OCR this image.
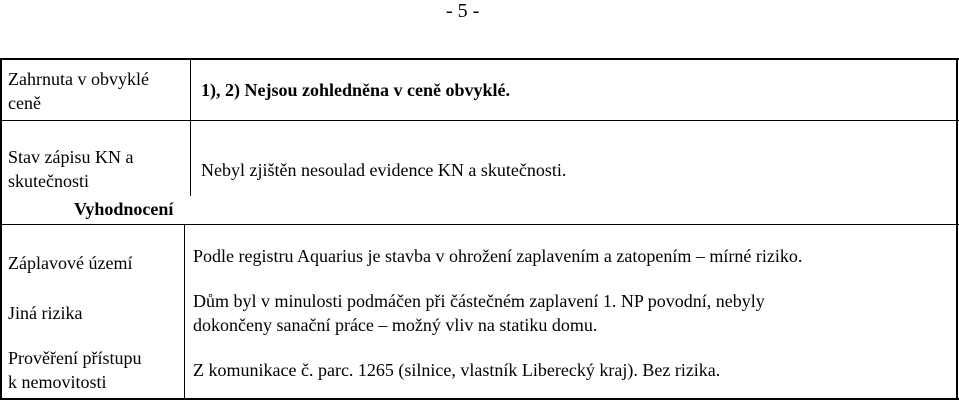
- 5 -
Zahrnuta v obvyklé
ceně
1), 2) Nejsou zohledněna v ceně obvyklé.
Stav zápisu KN a
skutečnosti
Nebyl zjištěn nesoulad evidence KN a skutečnosti.
Vyhodnocení
Záplavové území	Podle registru Aquarius je stavba v ohrožení zaplavením a zatopením – mírné riziko.
Jiná rizika
Dům byl v minulosti podmáčen při částečném zaplavení 1. NP povodní, nebyly
dokončeny sanační práce – možný vliv na statiku domu.
Prověření přístupu
k nemovitosti
Z komunikace č. parc. 1265 (silnice, vlastník Liberecký kraj). Bez rizika.
